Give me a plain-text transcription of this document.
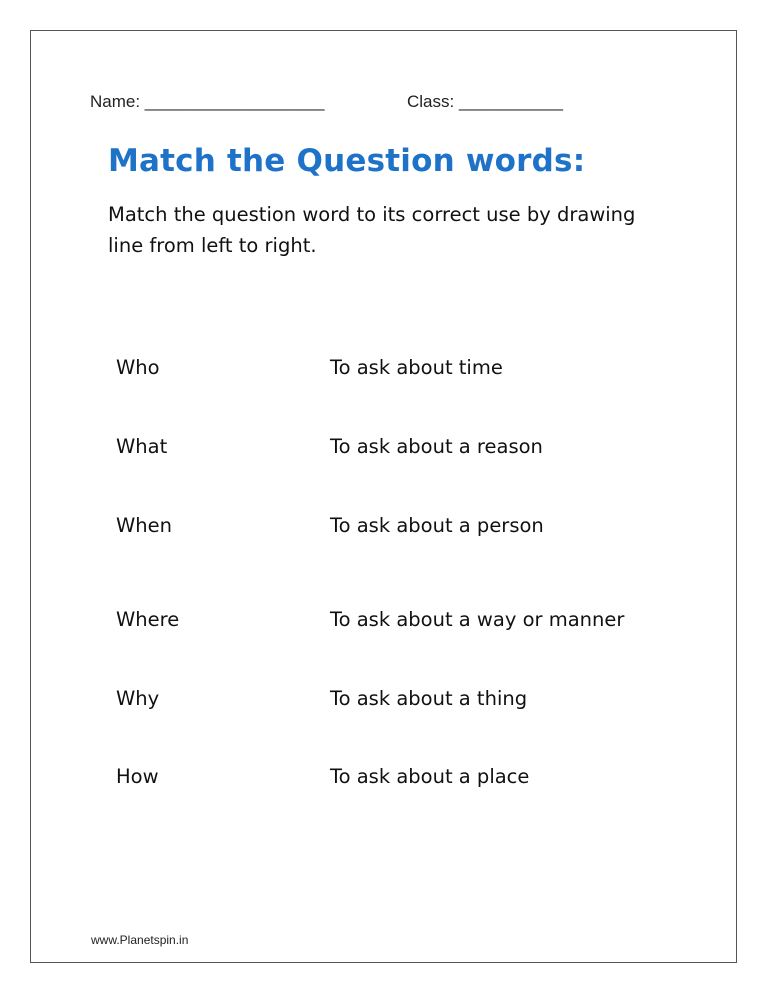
Name: ___________________	Class: ___________
Match the Question words:

Match the question word to its correct use by drawing line from left to right.

Who	To ask about time
What	To ask about a reason
When	To ask about a person
Where	To ask about a way or manner
Why	To ask about a thing
How	To ask about a place
www.Planetspin.in
